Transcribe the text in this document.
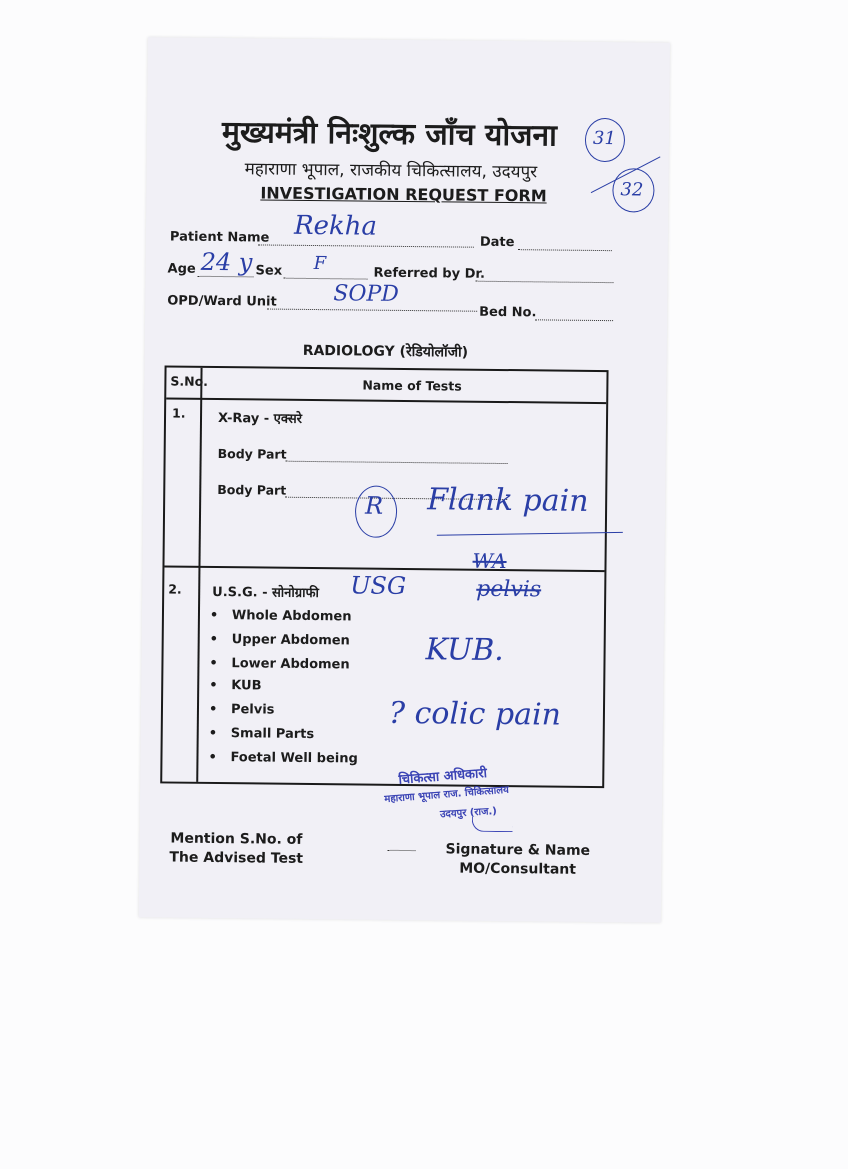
मुख्यमंत्री निःशुल्क जाँच योजना
महाराणा भूपाल, राजकीय चिकित्सालय, उदयपुर
INVESTIGATION REQUEST FORM
31
32
Patient Name Rekha
Date
Age 24 y Sex F	Referred by Dr.
OPD/Ward Unit	SOPD
Bed No.
RADIOLOGY (रेडियोलॉजी)
S.No.	Name of Tests
1. X-Ray - एक्सरे
Body Part
Body Part
R Flank pain
2. U.S.G. - सोनोग्राफी
• Whole Abdomen
• Upper Abdomen
• Lower Abdomen
• KUB
• Pelvis
• Small Parts
• Foetal Well being
USG
WA
pelvis
KUB.
? colic pain
चिकित्सा अधिकारी
महाराणा भूपाल राज. चिकित्सालय
उदयपुर (राज.)
Mention S.No. of
The Advised Test	Signature & Name
MO/Consultant
